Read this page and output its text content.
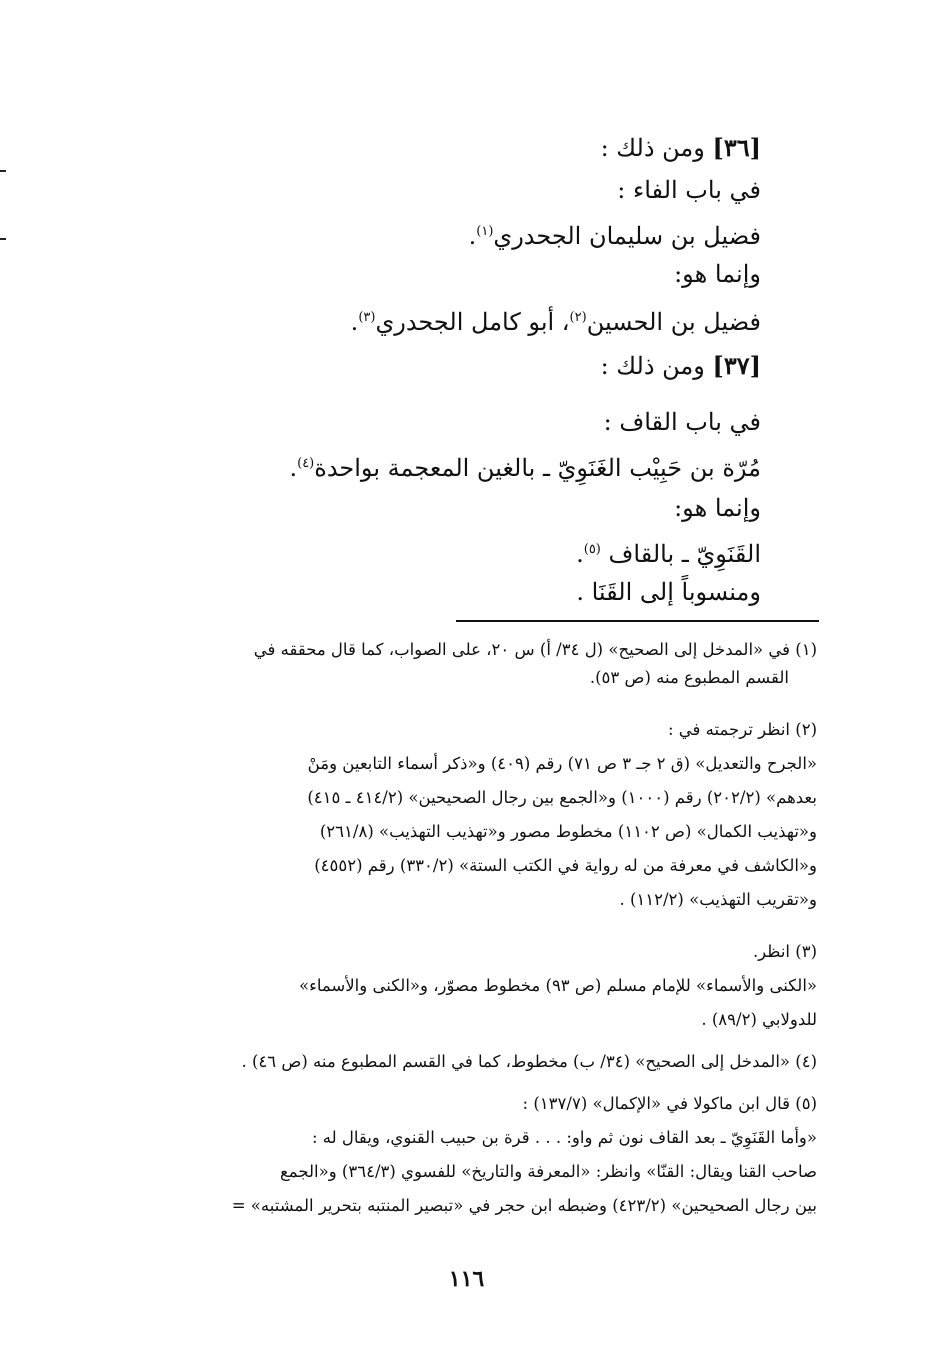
[٣٦] ومن ذلك :
في باب الفاء :
فضيل بن سليمان الجحدري$^{(١)}$.
وإنما هو:
فضيل بن الحسين$^{(٢)}$، أبو كامل الجحدري$^{(٣)}$.
[٣٧] ومن ذلك :
في باب القاف :
مُرّة بن حَبِيْب الغَنَوِيّ ـ بالغين المعجمة بواحدة$^{(٤)}$.
وإنما هو:
القَنَوِيّ ـ بالقاف $^{(٥)}$.
ومنسوباً إلى القَنَا .
(١) في «المدخل إلى الصحيح» (ل ٣٤/ أ) س ٢٠، على الصواب، كما قال محققه في
القسم المطبوع منه (ص ٥٣).
(٢) انظر ترجمته في :
«الجرح والتعديل» (ق ٢ جـ ٣ ص ٧١) رقم (٤٠٩) و«ذكر أسماء التابعين ومَنْ
بعدهم» (٢٠٢/٢) رقم (١٠٠٠) و«الجمع بين رجال الصحيحين» (٤١٤/٢ ـ ٤١٥)
و«تهذيب الكمال» (ص ١١٠٢) مخطوط مصور و«تهذيب التهذيب» (٢٦١/٨)
و«الكاشف في معرفة من له رواية في الكتب الستة» (٣٣٠/٢) رقم (٤٥٥٢)
و«تقريب التهذيب» (١١٢/٢) .
(٣) انظر.
«الكنى والأسماء» للإمام مسلم (ص ٩٣) مخطوط مصوّر، و«الكنى والأسماء»
للدولابي (٨٩/٢) .
(٤) «المدخل إلى الصحيح» (٣٤/ ب) مخطوط، كما في القسم المطبوع منه (ص ٤٦) .
(٥) قال ابن ماكولا في «الإكمال» (١٣٧/٧) :
«وأما القَنَوِيّ ـ بعد القاف نون ثم واو: . . . قرة بن حبيب القنوي، ويقال له :
صاحب القنا ويقال: القنّا» وانظر: «المعرفة والتاريخ» للفسوي (٣٦٤/٣) و«الجمع
بين رجال الصحيحين» (٤٢٣/٢) وضبطه ابن حجر في «تبصير المنتبه بتحرير المشتبه» =
١١٦
